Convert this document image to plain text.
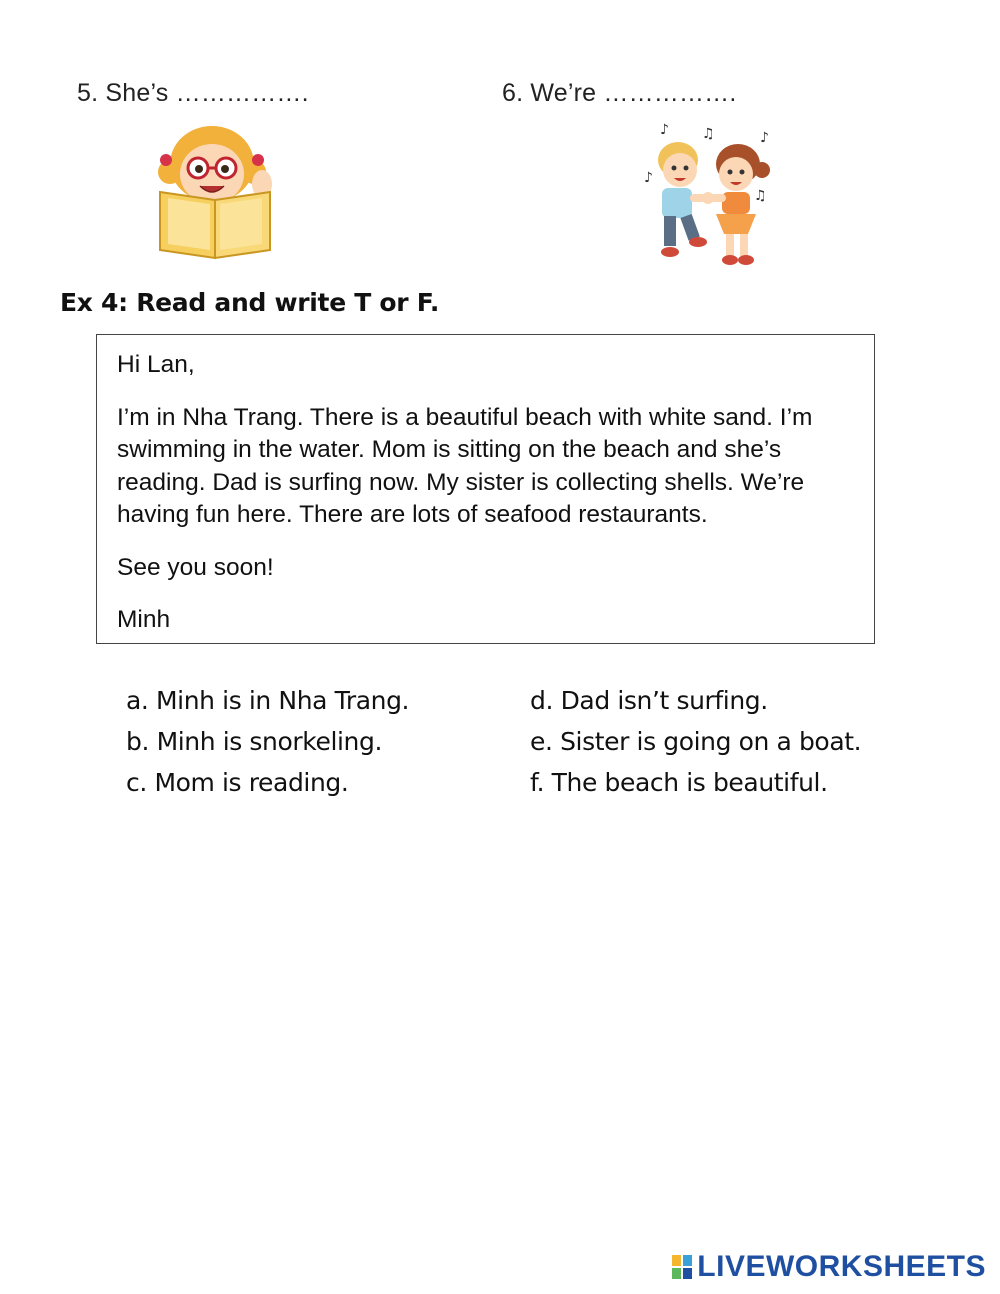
5. She’s …………….	6. We’re …………….
♪ ♫	♪
♪
♫
Ex 4: Read and write T or F.

Hi Lan,

I’m in Nha Trang. There is a beautiful beach with white sand. I’m swimming in the water. Mom is sitting on the beach and she’s reading. Dad is surfing now. My sister is collecting shells. We’re having fun here. There are lots of seafood restaurants.

See you soon!

Minh

a. Minh is in Nha Trang.
b. Minh is snorkeling.
c. Mom is reading.
d. Dad isn’t surfing.
e. Sister is going on a boat.
f. The beach is beautiful.
LIVEWORKSHEETS
